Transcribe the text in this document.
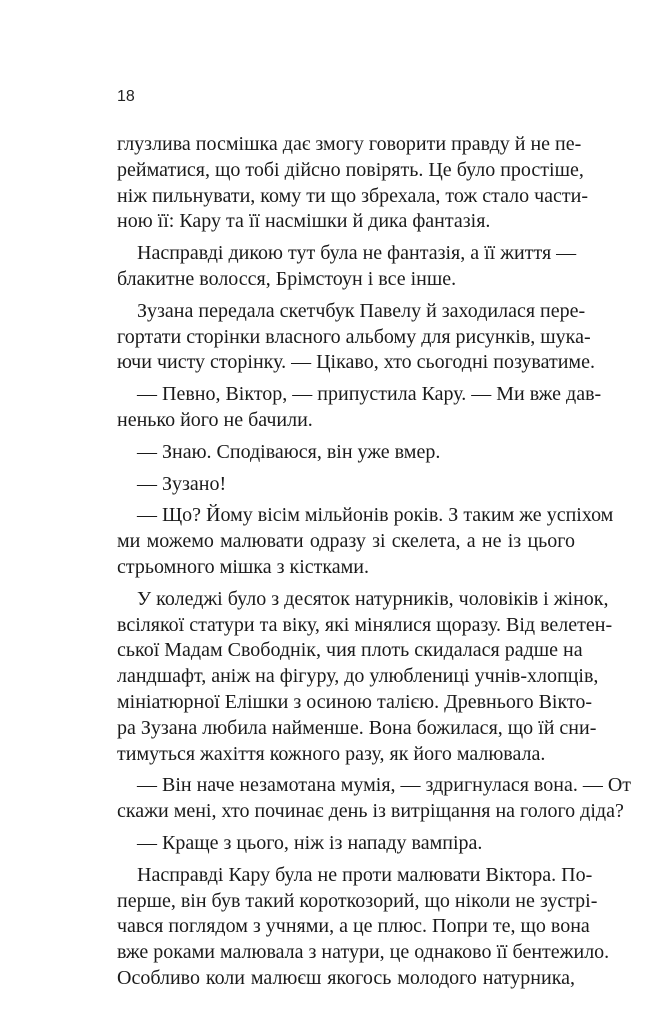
18
глузлива посмішка дає змогу говорити правду й не пе-
рейматися, що тобі дійсно повірять. Це було простіше,
ніж пильнувати, кому ти що збрехала, тож стало части-
ною її: Кару та її насмішки й дика фантазія.
Насправді дикою тут була не фантазія, а її життя —
блакитне волосся, Брімстоун і все інше.
Зузана передала скетчбук Павелу й заходилася пере-
гортати сторінки власного альбому для рисунків, шука-
ючи чисту сторінку. — Цікаво, хто сьогодні позуватиме.
— Певно, Віктор, — припустила Кару. — Ми вже дав-
ненько його не бачили.
— Знаю. Сподіваюся, він уже вмер.
— Зузано!
— Що? Йому вісім мільйонів років. З таким же успіхом
ми можемо малювати одразу зі скелета, а не із цього
стрьомного мішка з кістками.
У коледжі було з десяток натурників, чоловіків і жінок,
всілякої статури та віку, які мінялися щоразу. Від велетен-
ської Мадам Свободнік, чия плоть скидалася радше на
ландшафт, аніж на фігуру, до улюблениці учнів-хлопців,
мініатюрної Елішки з осиною талією. Древнього Вікто-
ра Зузана любила найменше. Вона божилася, що їй сни-
тимуться жахіття кожного разу, як його малювала.
— Він наче незамотана мумія, — здригнулася вона. — От
скажи мені, хто починає день із витріщання на голого діда?
— Краще з цього, ніж із нападу вампіра.
Насправді Кару була не проти малювати Віктора. По-
перше, він був такий короткозорий, що ніколи не зустрі-
чався поглядом з учнями, а це плюс. Попри те, що вона
вже роками малювала з натури, це однаково її бентежило.
Особливо коли малюєш якогось молодого натурника,
